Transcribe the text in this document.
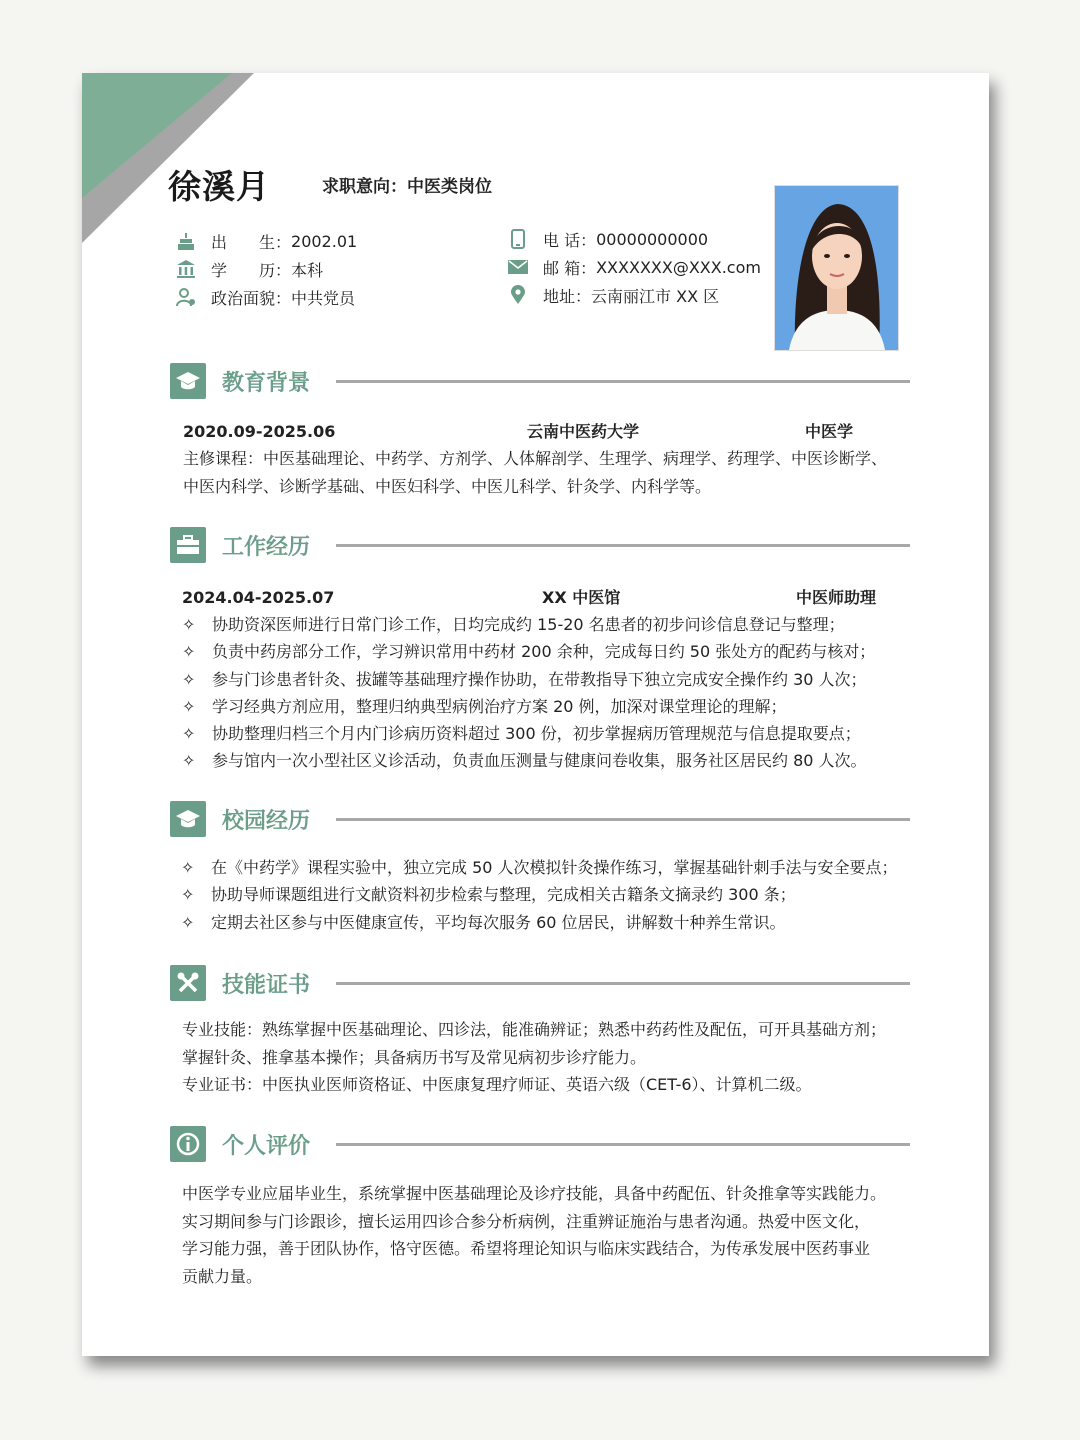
徐溪月	求职意向：中医类岗位
出　　生： 2002.01
学　　历： 本科
政治面貌： 中共党员
电 话： 00000000000
邮 箱： XXXXXXX@XXX.com
地址： 云南丽江市 XX 区
教育背景
2020.09-2025.06	云南中医药大学	中医学
主修课程：中医基础理论、中药学、方剂学、人体解剖学、生理学、病理学、药理学、中医诊断学、
中医内科学、诊断学基础、中医妇科学、中医儿科学、针灸学、内科学等。
工作经历
2024.04-2025.07	XX 中医馆	中医师助理
✧ 协助资深医师进行日常门诊工作，日均完成约 15-20 名患者的初步问诊信息登记与整理；
✧ 负责中药房部分工作，学习辨识常用中药材 200 余种，完成每日约 50 张处方的配药与核对；
✧ 参与门诊患者针灸、拔罐等基础理疗操作协助，在带教指导下独立完成安全操作约 30 人次；
✧ 学习经典方剂应用，整理归纳典型病例治疗方案 20 例，加深对课堂理论的理解；
✧ 协助整理归档三个月内门诊病历资料超过 300 份，初步掌握病历管理规范与信息提取要点；
✧ 参与馆内一次小型社区义诊活动，负责血压测量与健康问卷收集，服务社区居民约 80 人次。
校园经历
✧ 在《中药学》课程实验中，独立完成 50 人次模拟针灸操作练习，掌握基础针刺手法与安全要点；
✧ 协助导师课题组进行文献资料初步检索与整理，完成相关古籍条文摘录约 300 条；
✧ 定期去社区参与中医健康宣传，平均每次服务 60 位居民，讲解数十种养生常识。
技能证书
专业技能：熟练掌握中医基础理论、四诊法，能准确辨证；熟悉中药药性及配伍，可开具基础方剂；
掌握针灸、推拿基本操作；具备病历书写及常见病初步诊疗能力。
专业证书：中医执业医师资格证、中医康复理疗师证、英语六级（CET-6）、计算机二级。
个人评价
中医学专业应届毕业生，系统掌握中医基础理论及诊疗技能，具备中药配伍、针灸推拿等实践能力。
实习期间参与门诊跟诊，擅长运用四诊合参分析病例，注重辨证施治与患者沟通。热爱中医文化，
学习能力强，善于团队协作，恪守医德。希望将理论知识与临床实践结合，为传承发展中医药事业
贡献力量。
